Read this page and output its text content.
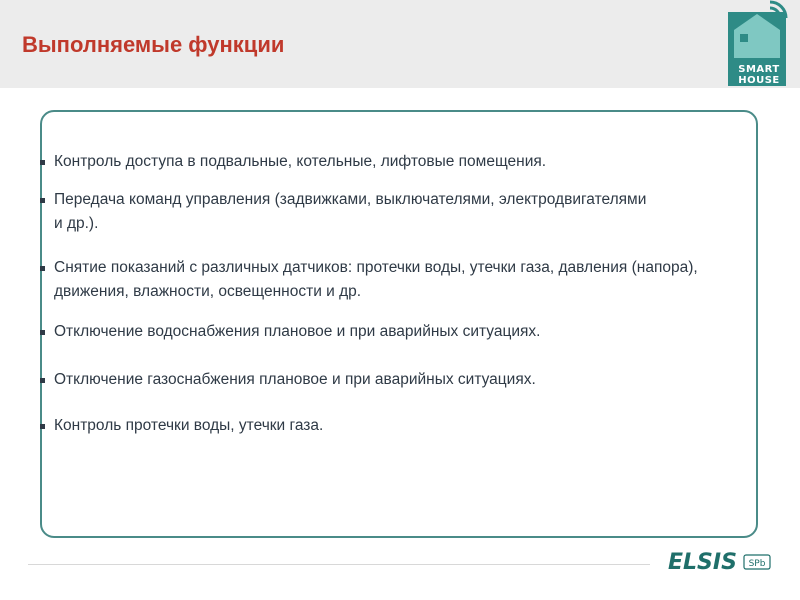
Выполняемые функции
SMART
HOUSE
Контроль доступа в подвальные, котельные, лифтовые помещения.
Передача команд управления (задвижками, выключателями, электродвигателями и др.).
Снятие показаний с различных датчиков: протечки воды, утечки газа, давления (напора), движения, влажности, освещенности и др.
Отключение водоснабжения плановое и при аварийных ситуациях.
Отключение газоснабжения плановое и при аварийных ситуациях.
Контроль протечки воды, утечки газа.
ELSIS SPb
